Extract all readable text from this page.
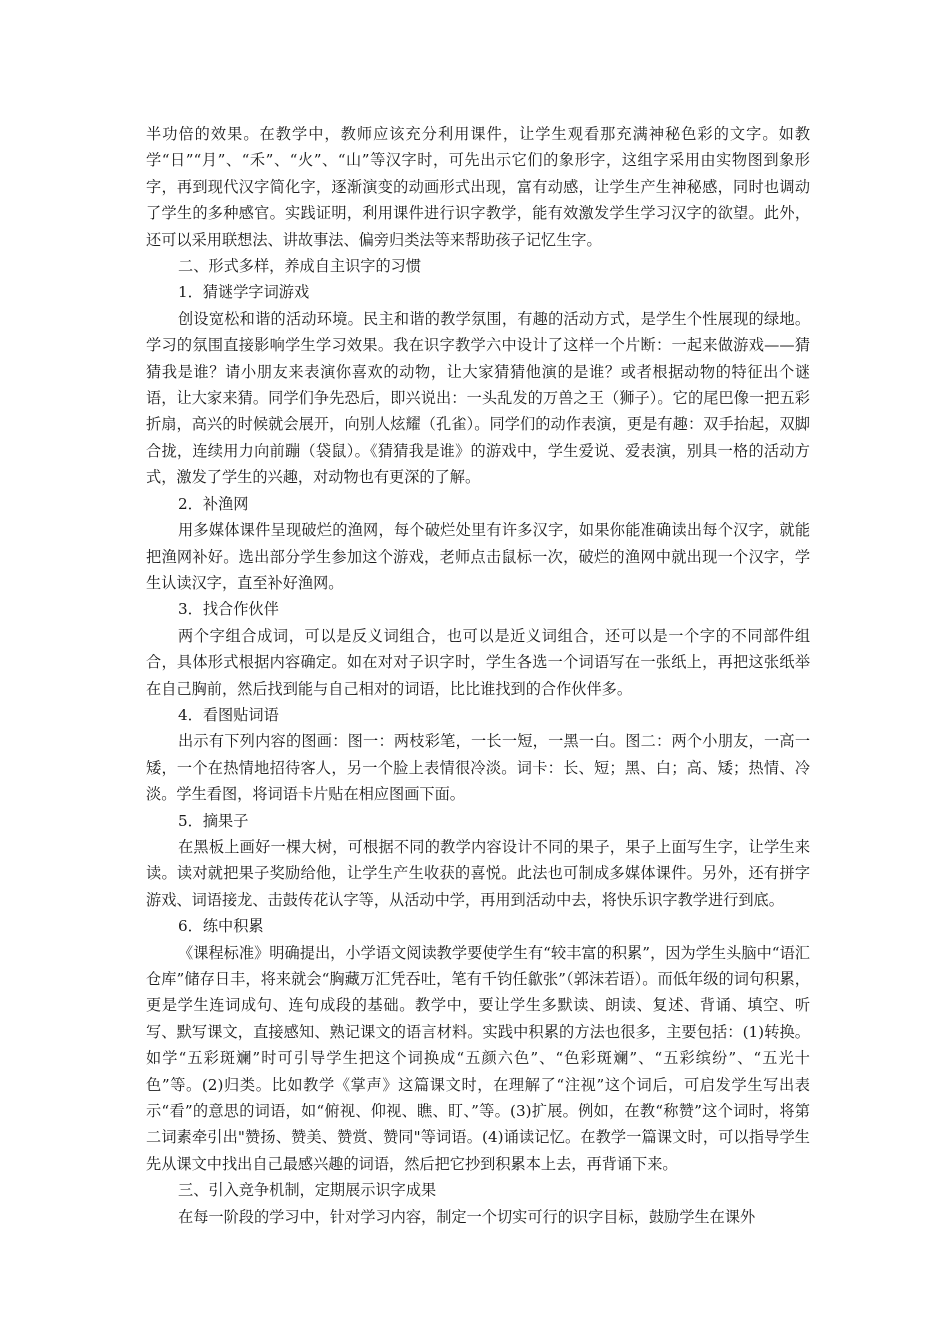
半功倍的效果。在教学中，教师应该充分利用课件，让学生观看那充满神秘色彩的文字。如教学“日”“月”、“禾”、“火”、“山”等汉字时，可先出示它们的象形字，这组字采用由实物图到象形字，再到现代汉字简化字，逐渐演变的动画形式出现，富有动感，让学生产生神秘感，同时也调动了学生的多种感官。实践证明，利用课件进行识字教学，能有效激发学生学习汉字的欲望。此外，还可以采用联想法、讲故事法、偏旁归类法等来帮助孩子记忆生字。

二、形式多样，养成自主识字的习惯

1．猜谜学字词游戏

创设宽松和谐的活动环境。民主和谐的教学氛围，有趣的活动方式，是学生个性展现的绿地。学习的氛围直接影响学生学习效果。我在识字教学六中设计了这样一个片断：一起来做游戏——猜猜我是谁？请小朋友来表演你喜欢的动物，让大家猜猜他演的是谁？或者根据动物的特征出个谜语，让大家来猜。同学们争先恐后，即兴说出：一头乱发的万兽之王（狮子）。它的尾巴像一把五彩折扇，高兴的时候就会展开，向别人炫耀（孔雀）。同学们的动作表演，更是有趣：双手抬起，双脚合拢，连续用力向前蹦（袋鼠）。《猜猜我是谁》的游戏中，学生爱说、爱表演，别具一格的活动方式，激发了学生的兴趣，对动物也有更深的了解。

2．补渔网

用多媒体课件呈现破烂的渔网，每个破烂处里有许多汉字，如果你能准确读出每个汉字，就能把渔网补好。选出部分学生参加这个游戏，老师点击鼠标一次，破烂的渔网中就出现一个汉字，学生认读汉字，直至补好渔网。

3．找合作伙伴

两个字组合成词，可以是反义词组合，也可以是近义词组合，还可以是一个字的不同部件组合，具体形式根据内容确定。如在对对子识字时，学生各选一个词语写在一张纸上，再把这张纸举在自己胸前，然后找到能与自己相对的词语，比比谁找到的合作伙伴多。

4．看图贴词语

出示有下列内容的图画：图一：两枝彩笔，一长一短，一黑一白。图二：两个小朋友，一高一矮，一个在热情地招待客人，另一个脸上表情很冷淡。词卡：长、短；黑、白；高、矮；热情、冷淡。学生看图，将词语卡片贴在相应图画下面。

5．摘果子

在黑板上画好一棵大树，可根据不同的教学内容设计不同的果子，果子上面写生字，让学生来读。读对就把果子奖励给他，让学生产生收获的喜悦。此法也可制成多媒体课件。另外，还有拼字游戏、词语接龙、击鼓传花认字等，从活动中学，再用到活动中去，将快乐识字教学进行到底。

6．练中积累

《课程标准》明确提出，小学语文阅读教学要使学生有“较丰富的积累”，因为学生头脑中“语汇仓库”储存日丰，将来就会“胸藏万汇凭吞吐，笔有千钧任歙张”（郭沫若语）。而低年级的词句积累，更是学生连词成句、连句成段的基础。教学中，要让学生多默读、朗读、复述、背诵、填空、听写、默写课文，直接感知、熟记课文的语言材料。实践中积累的方法也很多，主要包括：(1)转换。如学“五彩斑斓”时可引导学生把这个词换成“五颜六色”、“色彩斑斓”、“五彩缤纷”、“五光十色”等。(2)归类。比如教学《掌声》这篇课文时，在理解了“注视”这个词后，可启发学生写出表示“看”的意思的词语，如“俯视、仰视、瞧、盯、”等。(3)扩展。例如，在教“称赞”这个词时，将第二词素牵引出"赞扬、赞美、赞赏、赞同"等词语。(4)诵读记忆。在教学一篇课文时，可以指导学生先从课文中找出自己最感兴趣的词语，然后把它抄到积累本上去，再背诵下来。

三、引入竞争机制，定期展示识字成果

在每一阶段的学习中，针对学习内容，制定一个切实可行的识字目标，鼓励学生在课外
